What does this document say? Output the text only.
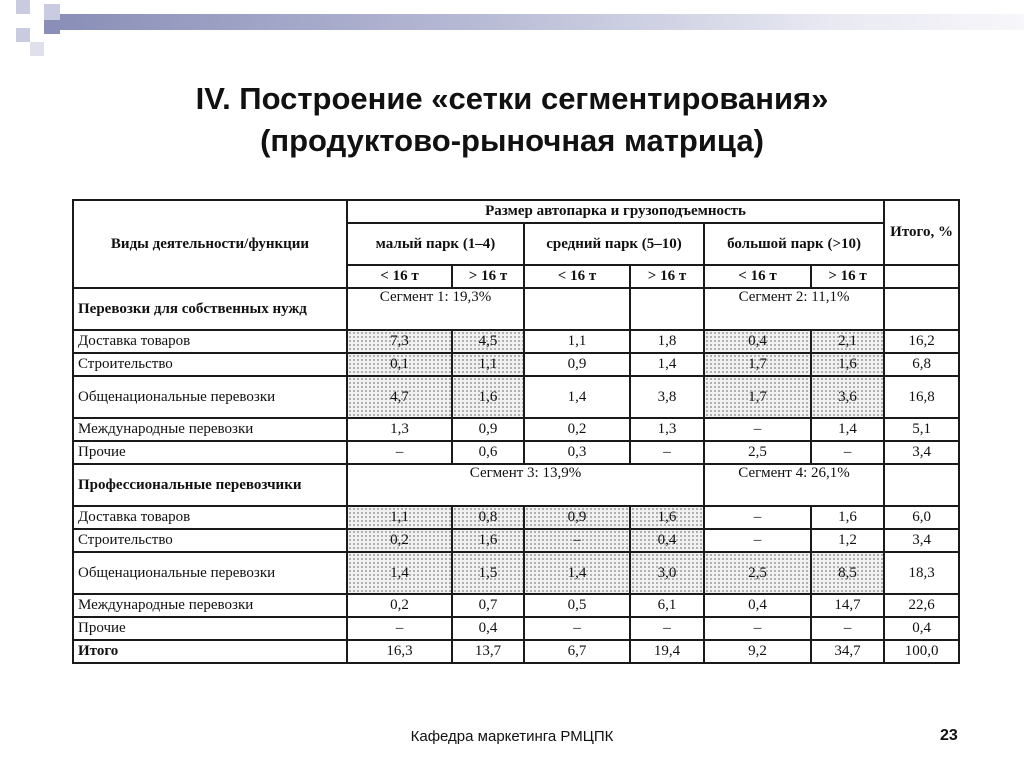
IV. Построение «сетки сегментирования»
(продуктово-рыночная матрица)
Виды деятельности/функции	Размер автопарка и грузоподъемность						Итого, %
	малый парк (1–4)		средний парк (5–10)		большой парк (>10)		
	< 16 т	> 16 т	< 16 т	> 16 т	< 16 т	> 16 т	
Перевозки для собственных нужд	Сегмент 1: 19,3%				Сегмент 2: 11,1%		
Доставка товаров	7,3	4,5	1,1	1,8	0,4	2,1	16,2
Строительство	0,1	1,1	0,9	1,4	1,7	1,6	6,8
Общенациональные перевозки	4,7	1,6	1,4	3,8	1,7	3,6	16,8
Международные перевозки	1,3	0,9	0,2	1,3	–	1,4	5,1
Прочие	–	0,6	0,3	–	2,5	–	3,4
Профессиональные перевозчики	Сегмент 3: 13,9%				Сегмент 4: 26,1%		
Доставка товаров	1,1	0,8	0,9	1,6	–	1,6	6,0
Строительство	0,2	1,6	–	0,4	–	1,2	3,4
Общенациональные перевозки	1,4	1,5	1,4	3,0	2,5	8,5	18,3
Международные перевозки	0,2	0,7	0,5	6,1	0,4	14,7	22,6
Прочие	–	0,4	–	–	–	–	0,4
Итого	16,3	13,7	6,7	19,4	9,2	34,7	100,0
Кафедра маркетинга РМЦПК	23
